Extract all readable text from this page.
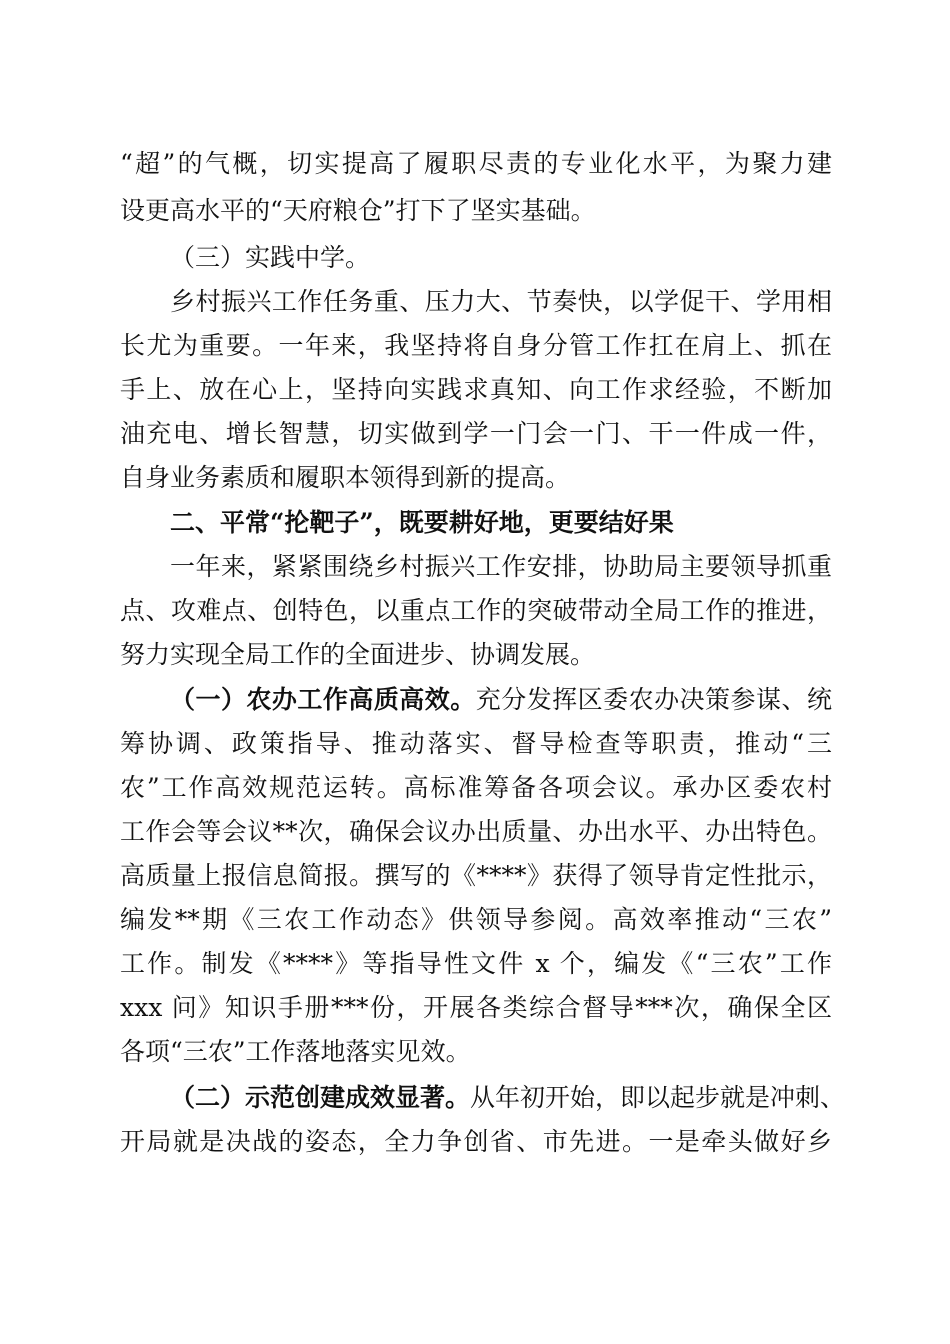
“超”的气概，切实提高了履职尽责的专业化水平，为聚力建
设更高水平的“天府粮仓”打下了坚实基础。
（三）实践中学。
乡村振兴工作任务重、压力大、节奏快，以学促干、学用相
长尤为重要。一年来，我坚持将自身分管工作扛在肩上、抓在
手上、放在心上，坚持向实践求真知、向工作求经验，不断加
油充电、增长智慧，切实做到学一门会一门、干一件成一件，
自身业务素质和履职本领得到新的提高。
二、平常“抡靶子”，既要耕好地，更要结好果
一年来，紧紧围绕乡村振兴工作安排，协助局主要领导抓重
点、攻难点、创特色，以重点工作的突破带动全局工作的推进，
努力实现全局工作的全面进步、协调发展。
（一）农办工作高质高效。充分发挥区委农办决策参谋、统
筹协调、政策指导、推动落实、督导检查等职责，推动“三
农”工作高效规范运转。高标准筹备各项会议。承办区委农村
工作会等会议**次，确保会议办出质量、办出水平、办出特色。
高质量上报信息简报。撰写的《****》获得了领导肯定性批示，
编发**期《三农工作动态》供领导参阅。高效率推动“三农”
工作。制发《****》等指导性文件 x 个，编发《“三农”工作
xxx 问》知识手册***份，开展各类综合督导***次，确保全区
各项“三农”工作落地落实见效。
（二）示范创建成效显著。从年初开始，即以起步就是冲刺、
开局就是决战的姿态，全力争创省、市先进。一是牵头做好乡
